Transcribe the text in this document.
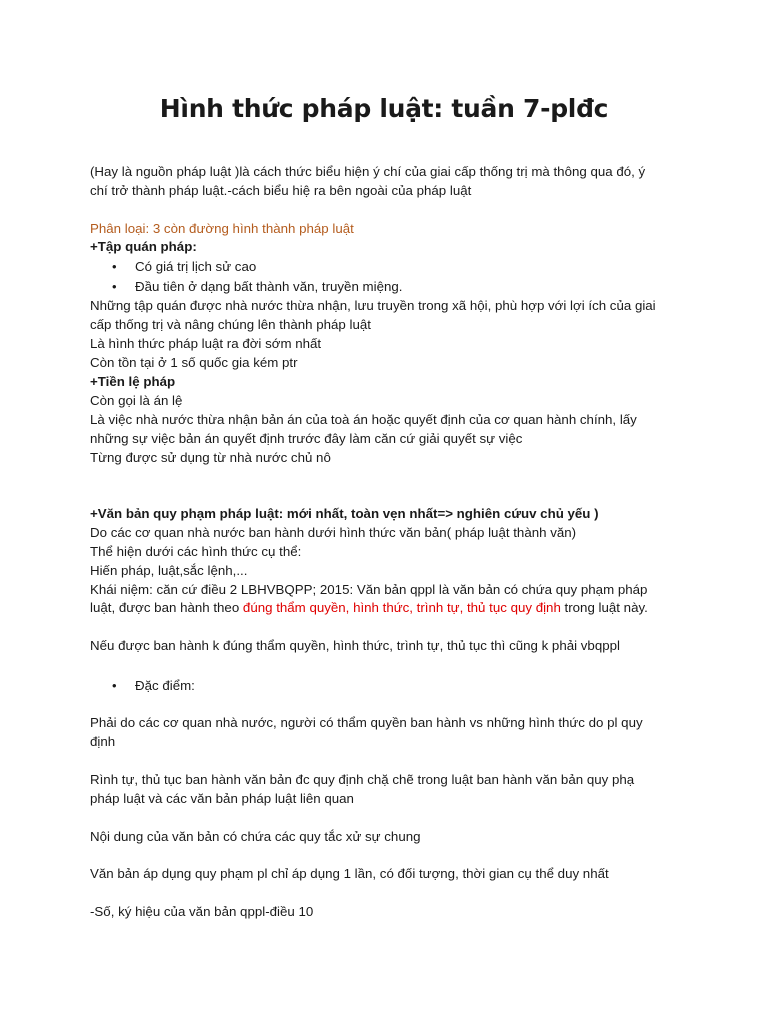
Hình thức pháp luật: tuần 7-plđc
(Hay là nguồn pháp luật )là cách thức biểu hiện ý chí của giai cấp thống trị mà thông qua đó, ý
chí trở thành pháp luật.-cách biểu hiệ ra bên ngoài của pháp luật
Phân loại: 3 còn đường hình thành pháp luật
+Tập quán pháp:
• Có giá trị lịch sử cao
• Đầu tiên ở dạng bất thành văn, truyền miệng.
Những tập quán được nhà nước thừa nhận, lưu truyền trong xã hội, phù hợp với lợi ích của giai
cấp thống trị và nâng chúng lên thành pháp luật
Là hình thức pháp luật ra đời sớm nhất
Còn tồn tại ở 1 số quốc gia kém ptr
+Tiền lệ pháp
Còn gọi là án lệ
Là việc nhà nước thừa nhận bản án của toà án hoặc quyết định của cơ quan hành chính, lấy
những sự việc bản án quyết định trước đây làm căn cứ giải quyết sự việc
Từng được sử dụng từ nhà nước chủ nô
+Văn bản quy phạm pháp luật: mới nhất, toàn vẹn nhất=> nghiên cứuv chủ yếu )
Do các cơ quan nhà nước ban hành dưới hình thức văn bản( pháp luật thành văn)
Thể hiện dưới các hình thức cụ thể:
Hiến pháp, luật,sắc lệnh,...
Khái niệm: căn cứ điều 2 LBHVBQPP; 2015: Văn bản qppl là văn bản có chứa quy phạm pháp
luật, được ban hành theo đúng thẩm quyền, hình thức, trình tự, thủ tục quy định trong luật này.
Nếu được ban hành k đúng thẩm quyền, hình thức, trình tự, thủ tục thì cũng k phải vbqppl
• Đặc điểm:
Phải do các cơ quan nhà nước, người có thẩm quyền ban hành vs những hình thức do pl quy
định
Rình tự, thủ tục ban hành văn bản đc quy định chặ chẽ trong luật ban hành văn bản quy phạ
pháp luật và các văn bản pháp luật liên quan
Nội dung của văn bản có chứa các quy tắc xử sự chung
Văn bản áp dụng quy phạm pl chỉ áp dụng 1 lần, có đối tượng, thời gian cụ thể duy nhất
-Số, ký hiệu của văn bản qppl-điều 10
